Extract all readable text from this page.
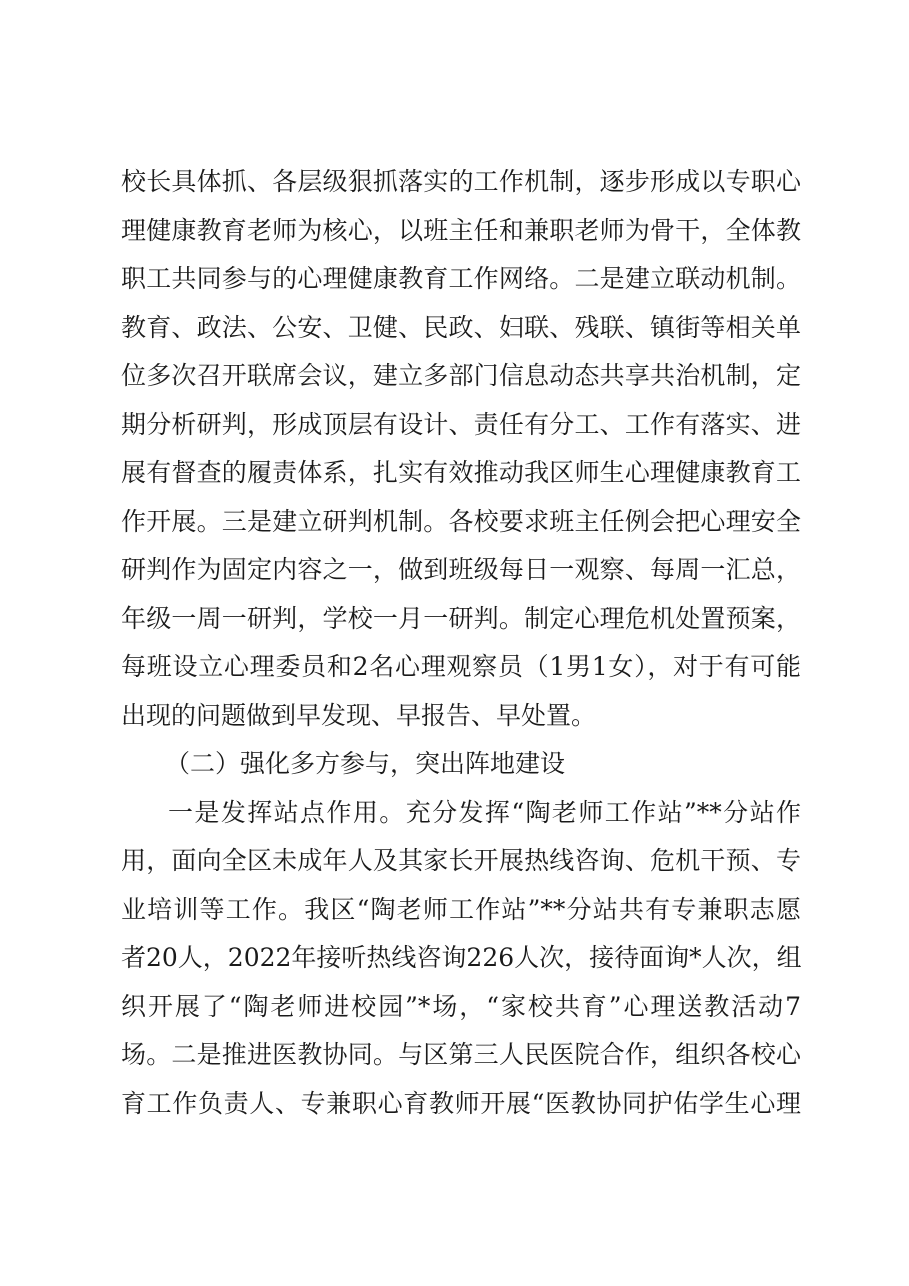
校长具体抓、各层级狠抓落实的工作机制，逐步形成以专职心
理健康教育老师为核心，以班主任和兼职老师为骨干，全体教
职工共同参与的心理健康教育工作网络。二是建立联动机制。
教育、政法、公安、卫健、民政、妇联、残联、镇街等相关单
位多次召开联席会议，建立多部门信息动态共享共治机制，定
期分析研判，形成顶层有设计、责任有分工、工作有落实、进
展有督查的履责体系，扎实有效推动我区师生心理健康教育工
作开展。三是建立研判机制。各校要求班主任例会把心理安全
研判作为固定内容之一，做到班级每日一观察、每周一汇总，
年级一周一研判，学校一月一研判。制定心理危机处置预案，
每班设立心理委员和2名心理观察员（1男1女），对于有可能
出现的问题做到早发现、早报告、早处置。
（二）强化多方参与，突出阵地建设
一是发挥站点作用。充分发挥“陶老师工作站”**分站作
用，面向全区未成年人及其家长开展热线咨询、危机干预、专
业培训等工作。我区“陶老师工作站”**分站共有专兼职志愿
者20人，2022年接听热线咨询226人次，接待面询*人次，组
织开展了“陶老师进校园”*场，“家校共育”心理送教活动7
场。二是推进医教协同。与区第三人民医院合作，组织各校心
育工作负责人、专兼职心育教师开展“医教协同护佑学生心理
